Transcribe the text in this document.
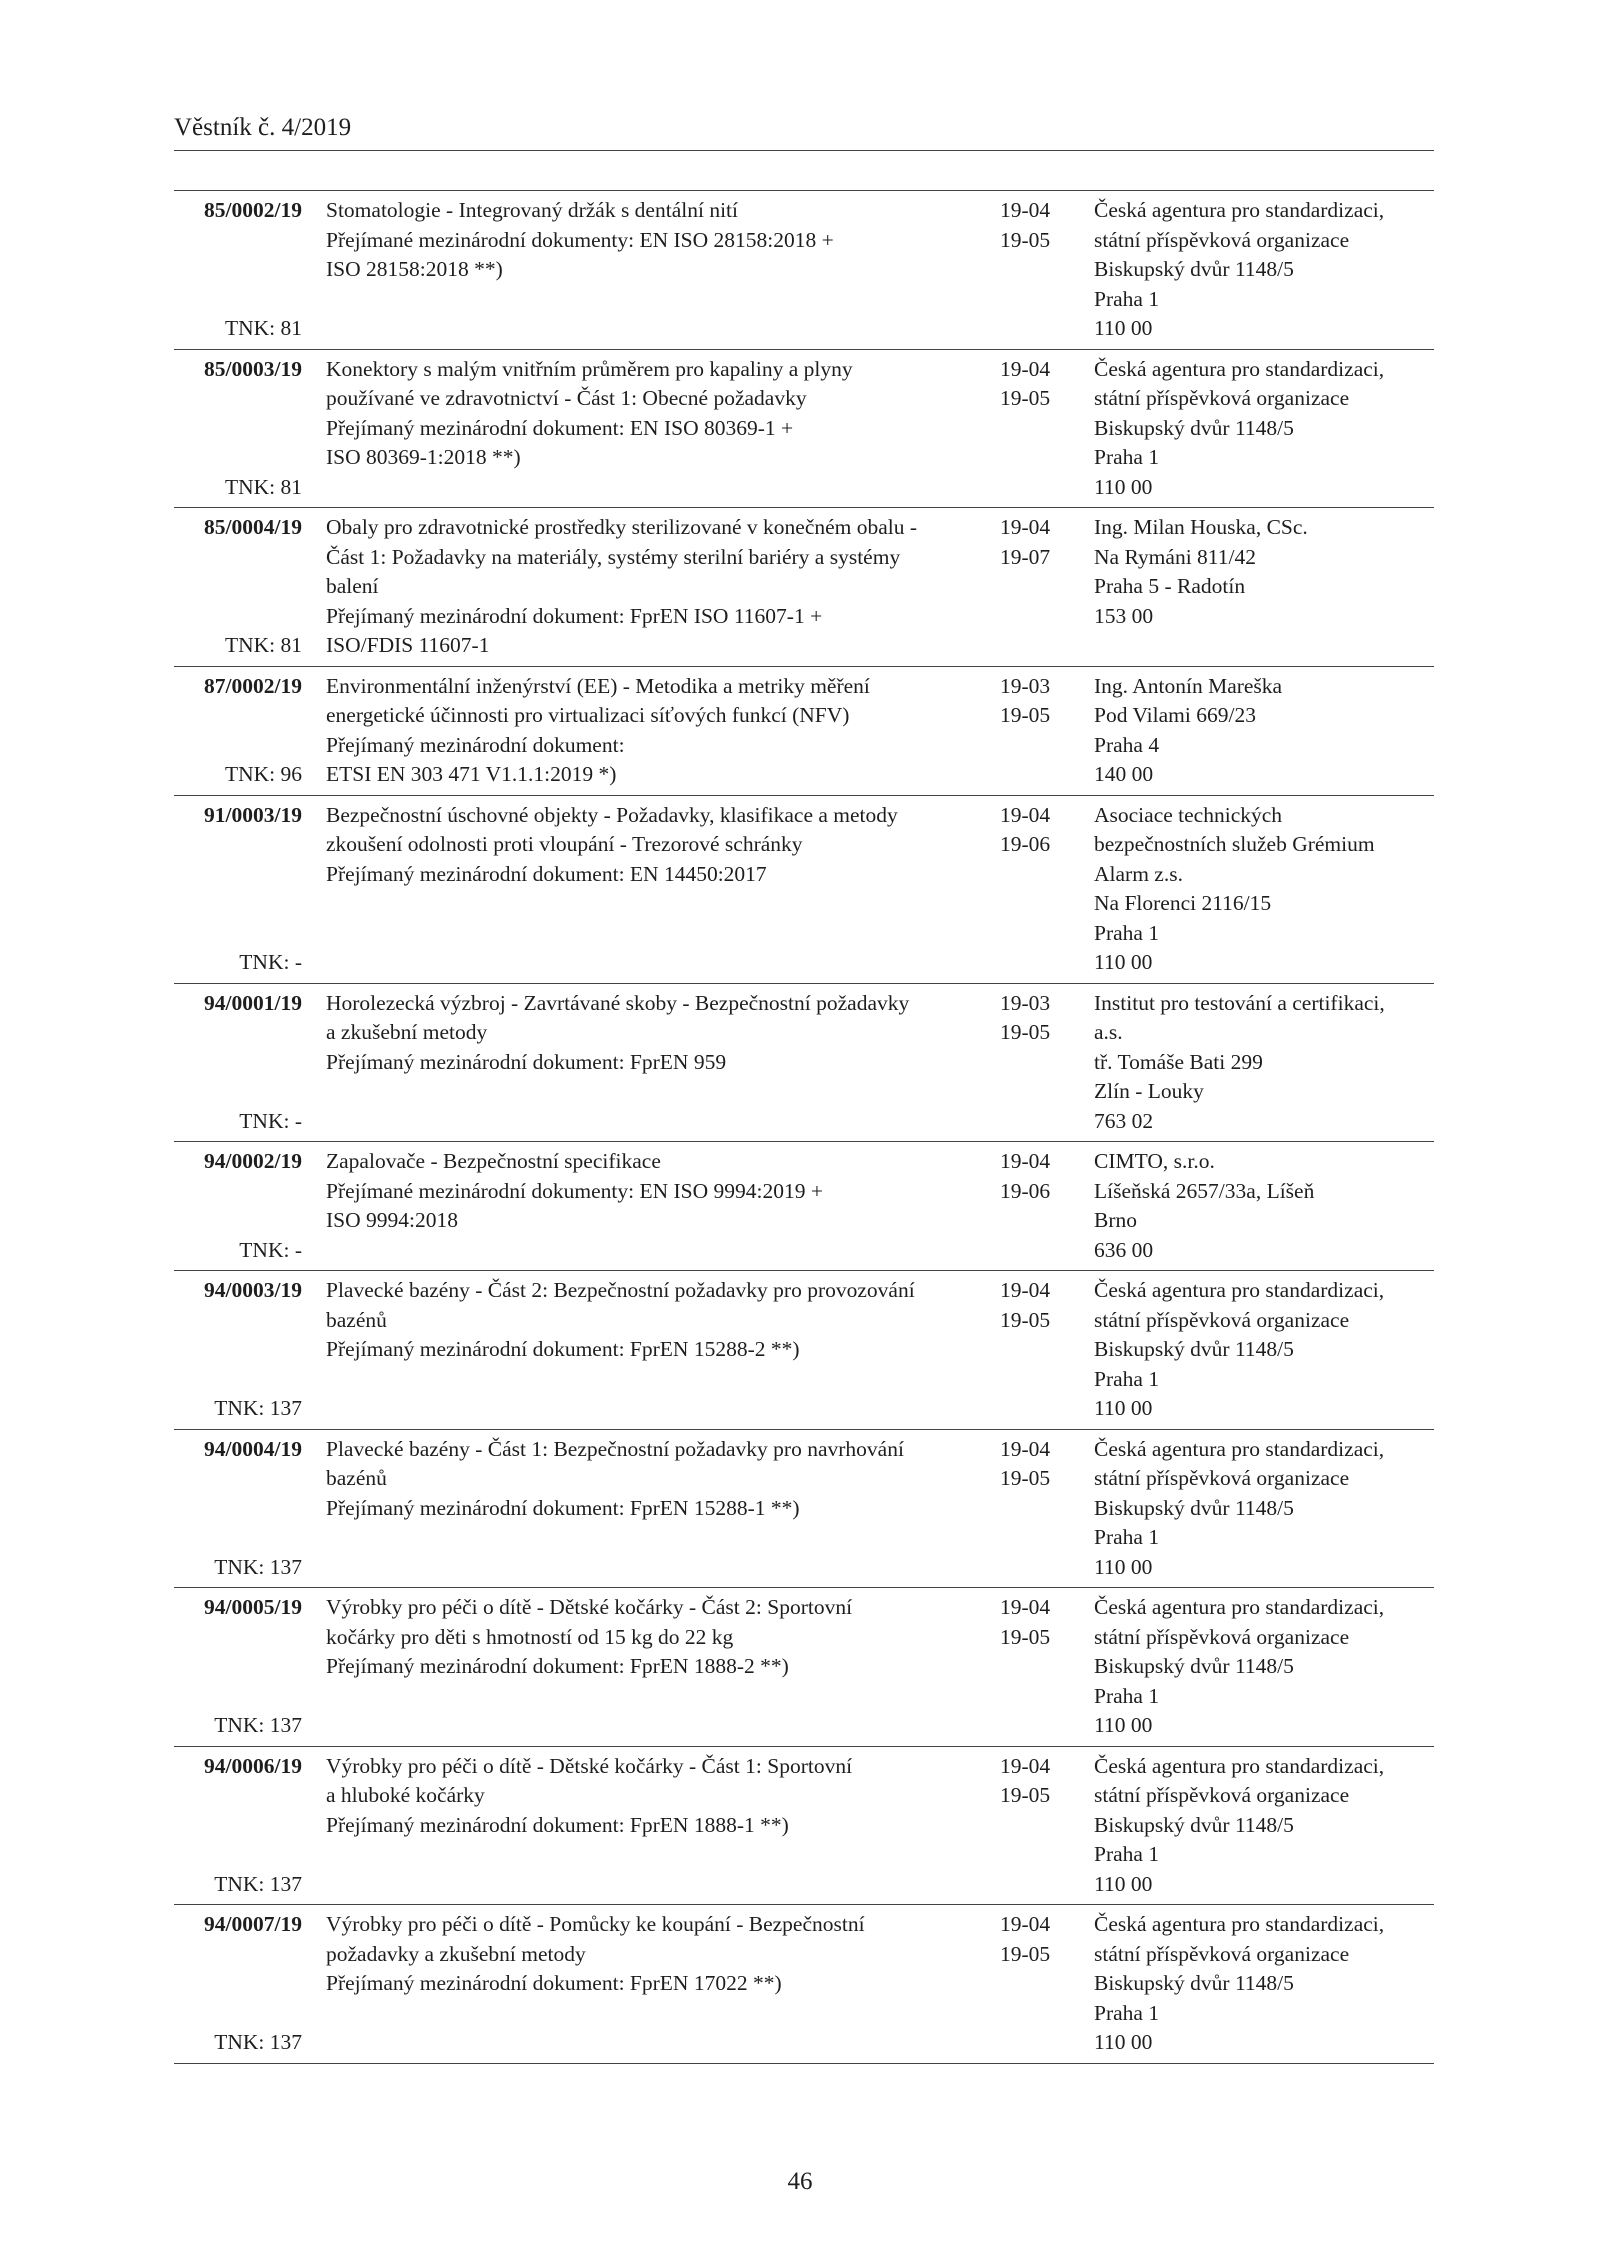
Věstník č. 4/2019
85/0002/19
TNK: 81
Stomatologie - Integrovaný držák s dentální nití
Přejímané mezinárodní dokumenty: EN ISO 28158:2018 +
ISO 28158:2018 **)
19-04
19-05
Česká agentura pro standardizaci,
státní příspěvková organizace
Biskupský dvůr 1148/5
Praha 1
110 00
85/0003/19
TNK: 81
Konektory s malým vnitřním průměrem pro kapaliny a plyny
používané ve zdravotnictví - Část 1: Obecné požadavky
Přejímaný mezinárodní dokument: EN ISO 80369-1 +
ISO 80369-1:2018 **)
19-04
19-05
Česká agentura pro standardizaci,
státní příspěvková organizace
Biskupský dvůr 1148/5
Praha 1
110 00
85/0004/19
TNK: 81
Obaly pro zdravotnické prostředky sterilizované v konečném obalu -
Část 1: Požadavky na materiály, systémy sterilní bariéry a systémy
balení
Přejímaný mezinárodní dokument: FprEN ISO 11607-1 +
ISO/FDIS 11607-1
19-04
19-07
Ing. Milan Houska, CSc.
Na Rymáni 811/42
Praha 5 - Radotín
153 00
87/0002/19
TNK: 96
Environmentální inženýrství (EE) - Metodika a metriky měření
energetické účinnosti pro virtualizaci síťových funkcí (NFV)
Přejímaný mezinárodní dokument:
ETSI EN 303 471 V1.1.1:2019 *)
19-03
19-05
Ing. Antonín Mareška
Pod Vilami 669/23
Praha 4
140 00
91/0003/19
TNK: -
Bezpečnostní úschovné objekty - Požadavky, klasifikace a metody
zkoušení odolnosti proti vloupání - Trezorové schránky
Přejímaný mezinárodní dokument: EN 14450:2017
19-04
19-06
Asociace technických
bezpečnostních služeb Grémium
Alarm z.s.
Na Florenci 2116/15
Praha 1
110 00
94/0001/19
TNK: -
Horolezecká výzbroj - Zavrtávané skoby - Bezpečnostní požadavky
a zkušební metody
Přejímaný mezinárodní dokument: FprEN 959
19-03
19-05
Institut pro testování a certifikaci,
a.s.
tř. Tomáše Bati 299
Zlín - Louky
763 02
94/0002/19
TNK: -
Zapalovače - Bezpečnostní specifikace
Přejímané mezinárodní dokumenty: EN ISO 9994:2019 +
ISO 9994:2018
19-04
19-06
CIMTO, s.r.o.
Líšeňská 2657/33a, Líšeň
Brno
636 00
94/0003/19
TNK: 137
Plavecké bazény - Část 2: Bezpečnostní požadavky pro provozování
bazénů
Přejímaný mezinárodní dokument: FprEN 15288-2 **)
19-04
19-05
Česká agentura pro standardizaci,
státní příspěvková organizace
Biskupský dvůr 1148/5
Praha 1
110 00
94/0004/19
TNK: 137
Plavecké bazény - Část 1: Bezpečnostní požadavky pro navrhování
bazénů
Přejímaný mezinárodní dokument: FprEN 15288-1 **)
19-04
19-05
Česká agentura pro standardizaci,
státní příspěvková organizace
Biskupský dvůr 1148/5
Praha 1
110 00
94/0005/19
TNK: 137
Výrobky pro péči o dítě - Dětské kočárky - Část 2: Sportovní
kočárky pro děti s hmotností od 15 kg do 22 kg
Přejímaný mezinárodní dokument: FprEN 1888-2 **)
19-04
19-05
Česká agentura pro standardizaci,
státní příspěvková organizace
Biskupský dvůr 1148/5
Praha 1
110 00
94/0006/19
TNK: 137
Výrobky pro péči o dítě - Dětské kočárky - Část 1: Sportovní
a hluboké kočárky
Přejímaný mezinárodní dokument: FprEN 1888-1 **)
19-04
19-05
Česká agentura pro standardizaci,
státní příspěvková organizace
Biskupský dvůr 1148/5
Praha 1
110 00
94/0007/19
TNK: 137
Výrobky pro péči o dítě - Pomůcky ke koupání - Bezpečnostní
požadavky a zkušební metody
Přejímaný mezinárodní dokument: FprEN 17022 **)
19-04
19-05
Česká agentura pro standardizaci,
státní příspěvková organizace
Biskupský dvůr 1148/5
Praha 1
110 00
46
